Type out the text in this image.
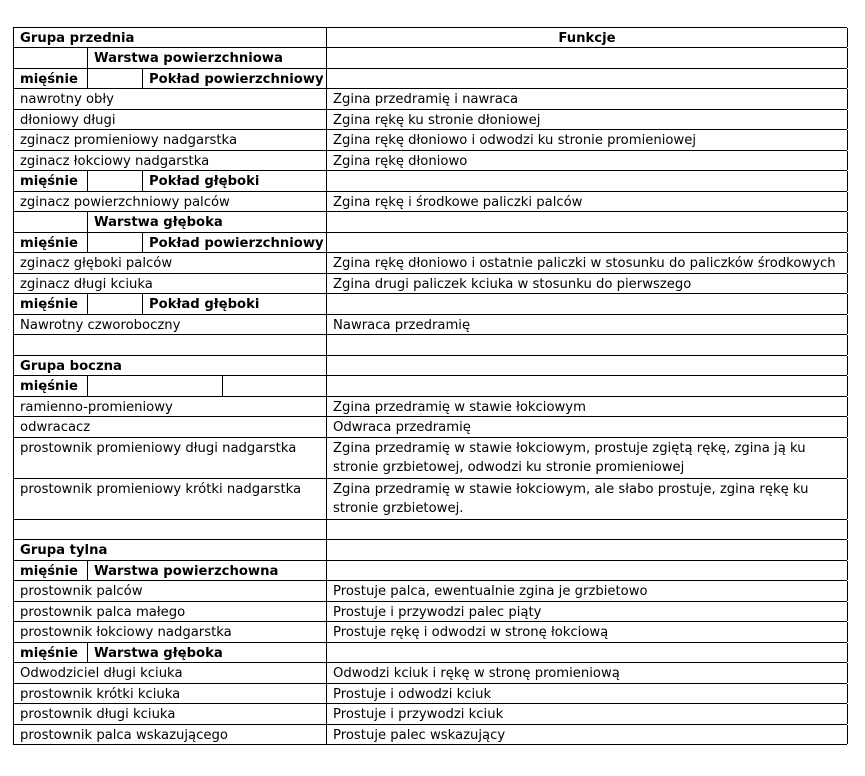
Grupa przednia	Funkcje
Warstwa powierzchniowa
mięśnie	Pokład powierzchniowy
nawrotny obły	Zgina przedramię i nawraca
dłoniowy długi	Zgina rękę ku stronie dłoniowej
zginacz promieniowy nadgarstka	Zgina rękę dłoniowo i odwodzi ku stronie promieniowej
zginacz łokciowy nadgarstka	Zgina rękę dłoniowo
mięśnie	Pokład głęboki
zginacz powierzchniowy palców	Zgina rękę i środkowe paliczki palców
Warstwa głęboka
mięśnie	Pokład powierzchniowy
zginacz głęboki palców	Zgina rękę dłoniowo i ostatnie paliczki w stosunku do paliczków środkowych
zginacz długi kciuka	Zgina drugi paliczek kciuka w stosunku do pierwszego
mięśnie	Pokład głęboki
Nawrotny czworoboczny	Nawraca przedramię
Grupa boczna
mięśnie
ramienno-promieniowy	Zgina przedramię w stawie łokciowym
odwracacz	Odwraca przedramię
prostownik promieniowy długi nadgarstka	Zgina przedramię w stawie łokciowym, prostuje zgiętą rękę, zgina ją ku stronie grzbietowej, odwodzi ku stronie promieniowej
prostownik promieniowy krótki nadgarstka	Zgina przedramię w stawie łokciowym, ale słabo prostuje, zgina rękę ku stronie grzbietowej.
Grupa tylna
mięśnie	Warstwa powierzchowna
prostownik palców	Prostuje palca, ewentualnie zgina je grzbietowo
prostownik palca małego	Prostuje i przywodzi palec piąty
prostownik łokciowy nadgarstka	Prostuje rękę i odwodzi w stronę łokciową
mięśnie	Warstwa głęboka
Odwodziciel długi kciuka	Odwodzi kciuk i rękę w stronę promieniową
prostownik krótki kciuka	Prostuje i odwodzi kciuk
prostownik długi kciuka	Prostuje i przywodzi kciuk
prostownik palca wskazującego	Prostuje palec wskazujący
